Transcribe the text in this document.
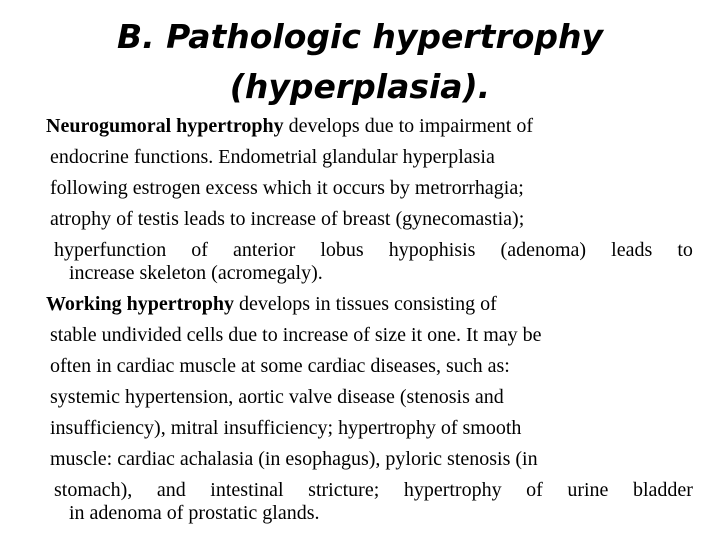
B. Pathologic hypertrophy
(hyperplasia).
Neurogumoral hypertrophy develops due to impairment of
endocrine functions. Endometrial glandular hyperplasia
following estrogen excess which it occurs by metrorrhagia;
atrophy of testis leads to increase of breast (gynecomastia);
hyperfunction of anterior lobus hypophisis (adenoma) leads to
increase skeleton (acromegaly).
Working hypertrophy develops in tissues consisting of
stable undivided cells due to increase of size it one. It may be
often in cardiac muscle at some cardiac diseases, such as:
systemic hypertension, aortic valve disease (stenosis and
insufficiency), mitral insufficiency; hypertrophy of smooth
muscle: cardiac achalasia (in esophagus), pyloric stenosis (in
stomach), and intestinal stricture; hypertrophy of urine bladder
in adenoma of prostatic glands.
